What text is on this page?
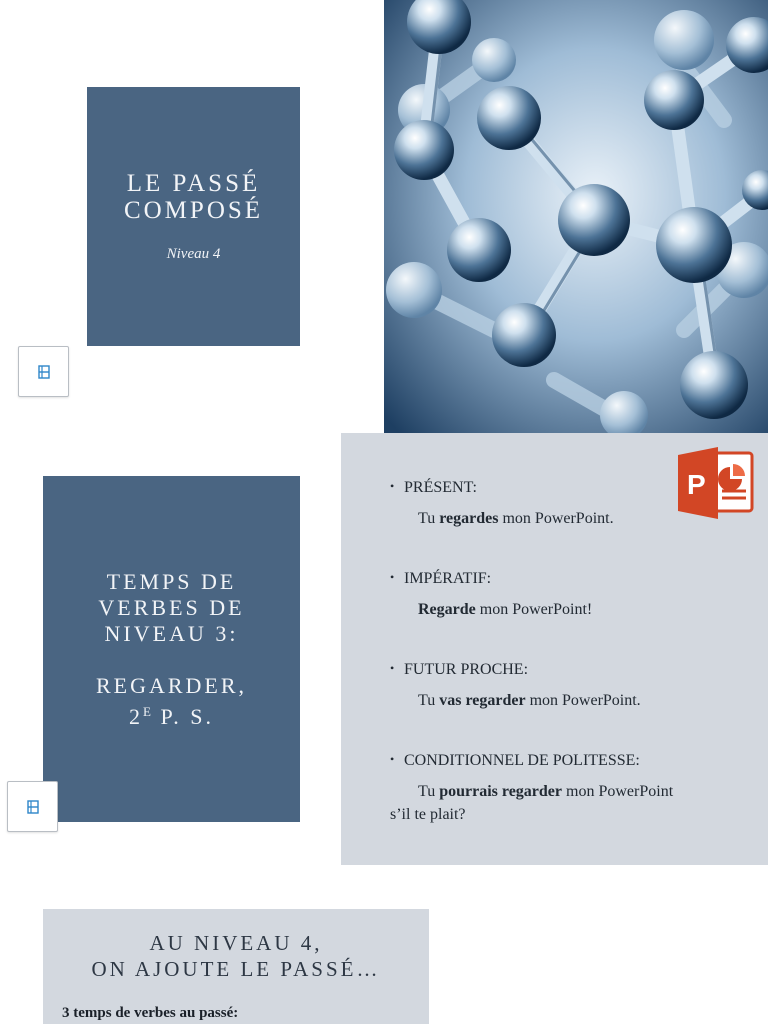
LE PASSÉ
COMPOSÉ
Niveau 4
TEMPS DE
VERBES DE
NIVEAU 3:
REGARDER,
$2^E$ P. S.
P
• PRÉSENT:
Tu regardes mon PowerPoint.
• IMPÉRATIF:
Regarde mon PowerPoint!
• FUTUR PROCHE:
Tu vas regarder mon PowerPoint.
• CONDITIONNEL DE POLITESSE:
Tu pourrais regarder mon PowerPoint s’il te plait?
AU NIVEAU 4,
ON AJOUTE LE PASSÉ…
3 temps de verbes au passé:
